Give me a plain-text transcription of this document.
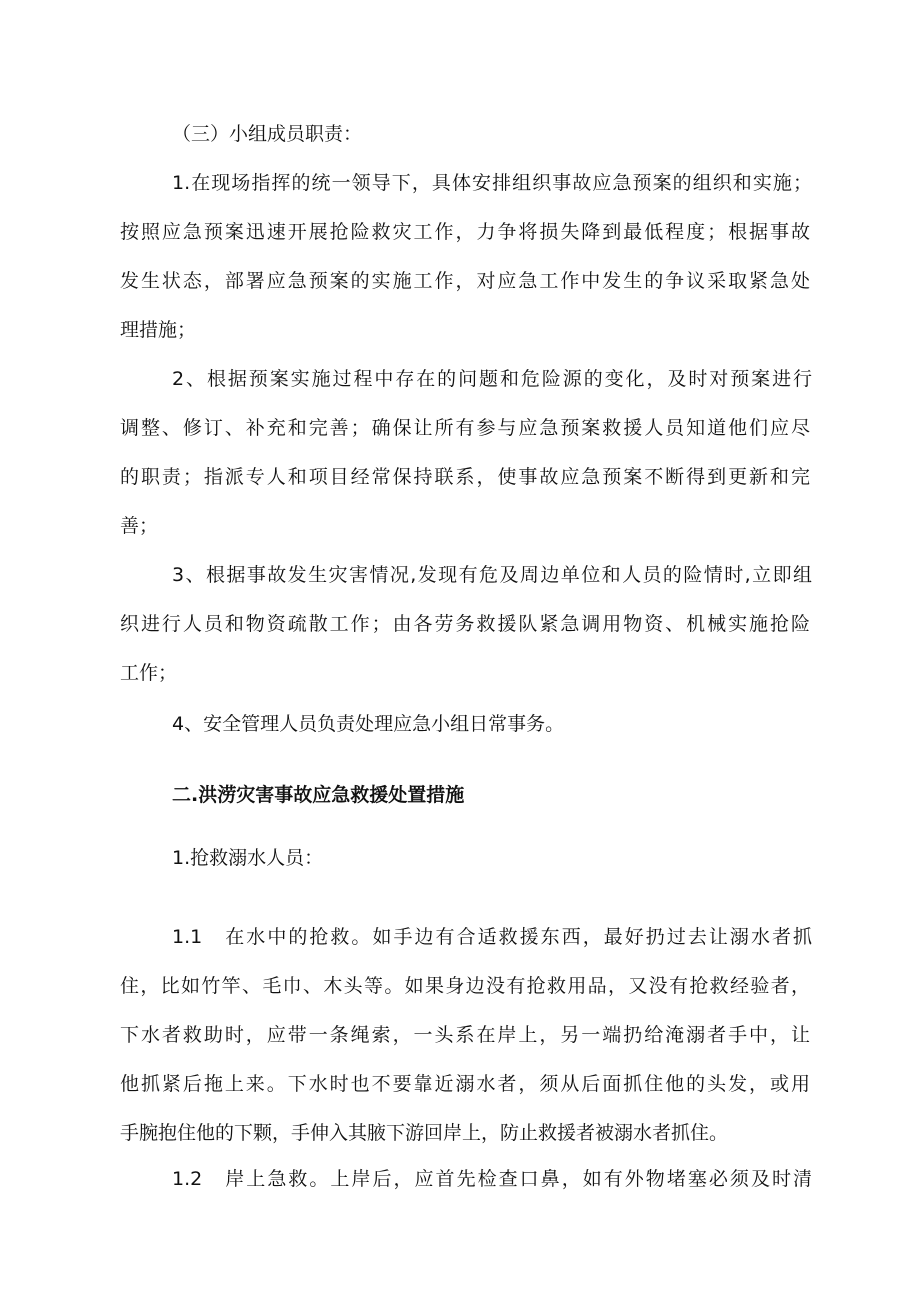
（三）小组成员职责：
1.在现场指挥的统一领导下，具体安排组织事故应急预案的组织和实施；
按照应急预案迅速开展抢险救灾工作，力争将损失降到最低程度；根据事故
发生状态，部署应急预案的实施工作，对应急工作中发生的争议采取紧急处
理措施；
2、根据预案实施过程中存在的问题和危险源的变化，及时对预案进行
调整、修订、补充和完善；确保让所有参与应急预案救援人员知道他们应尽
的职责；指派专人和项目经常保持联系，使事故应急预案不断得到更新和完
善；
3、根据事故发生灾害情况,发现有危及周边单位和人员的险情时,立即组
织进行人员和物资疏散工作；由各劳务救援队紧急调用物资、机械实施抢险
工作；
4、安全管理人员负责处理应急小组日常事务。
二.洪涝灾害事故应急救援处置措施
1.抢救溺水人员：
1.1　在水中的抢救。如手边有合适救援东西，最好扔过去让溺水者抓
住，比如竹竿、毛巾、木头等。如果身边没有抢救用品，又没有抢救经验者，
下水者救助时，应带一条绳索，一头系在岸上，另一端扔给淹溺者手中，让
他抓紧后拖上来。下水时也不要靠近溺水者，须从后面抓住他的头发，或用
手腕抱住他的下颗，手伸入其腋下游回岸上，防止救援者被溺水者抓住。
1.2　岸上急救。上岸后，应首先检查口鼻，如有外物堵塞必须及时清
